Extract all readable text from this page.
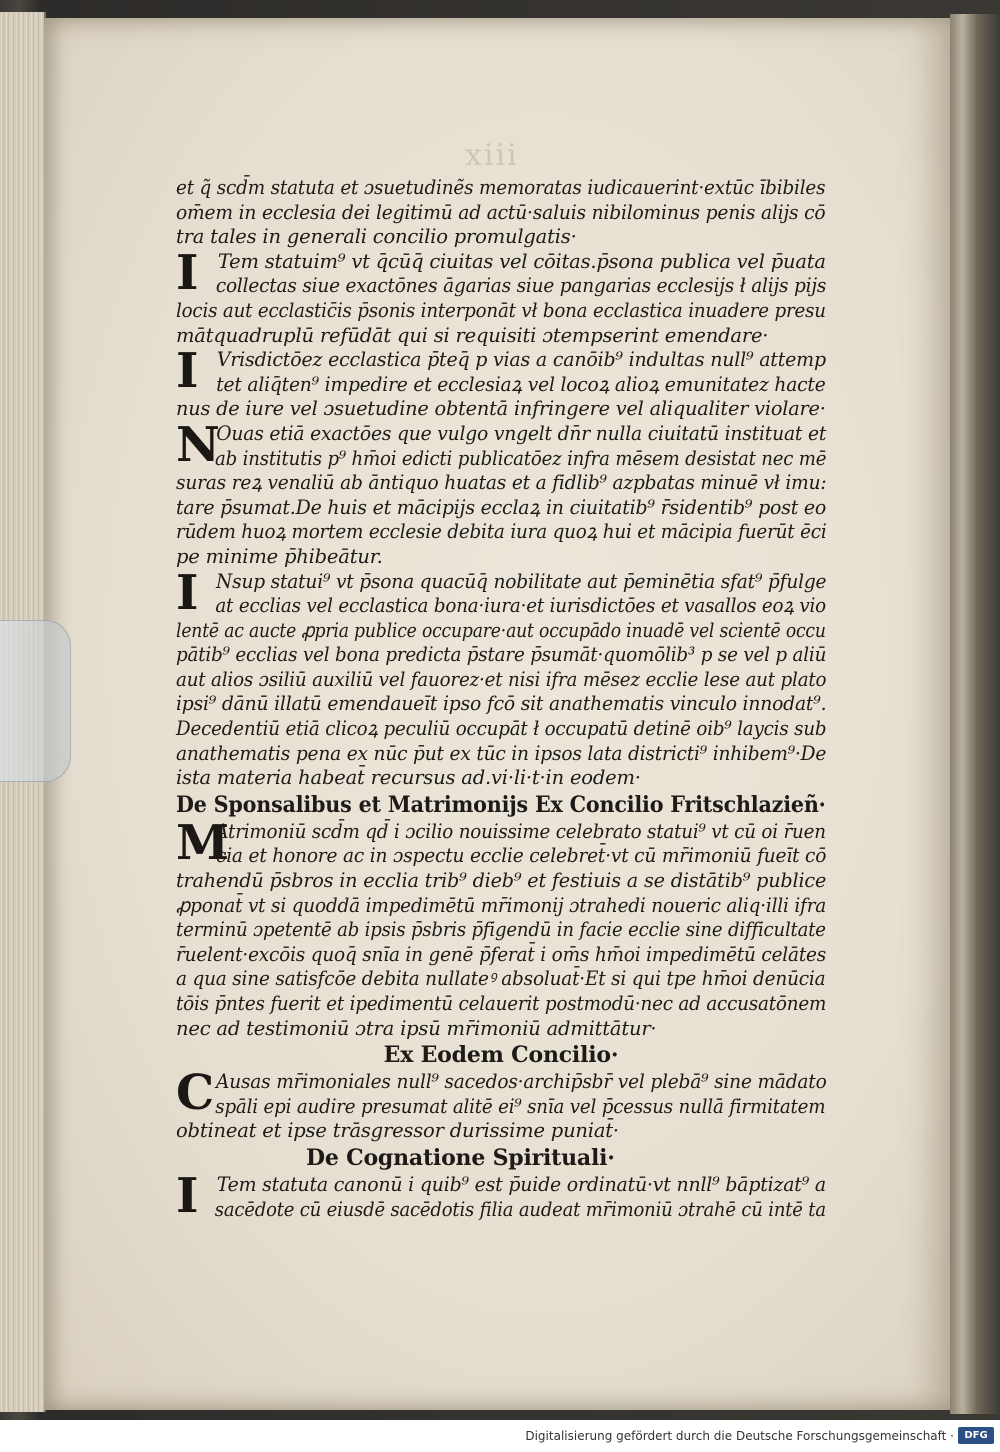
xiii
et q̃ scd̄m statuta et ɔsuetudinẽs memoratas iudicauerint·extūc ībibiles
om̄em in ecclesia dei legitimū ad actū·saluis nibilominus penis alijs cō
tra tales in generali concilio promulgatis·
I	Tem statuim⁹ vt q̄cūq̄ ciuitas vel cōitas.p̄sona publica vel p̄uata
collectas siue exactōnes āgarias siue pangarias ecclesijs ł alijs pijs
locis aut ecclastic̄is p̄sonis interponāt vł bona ecclastica inuadere presu
mātquadruplū refūdāt qui si requisiti ɔtempserint emendare·
I Vrisdictōez ecclastica p̄teq̄ p vias a canōib⁹ indultas null⁹ attemp
tet aliq̄ten⁹ impedire et ecclesiaꝝ vel locoꝝ alioꝝ emunitatez hacte
nus de iure vel ɔsuetudine obtentā infringere vel aliqualiter violare·
N
Ouas etiā exactōes que vulgo vngelt dn̄r nulla ciuitatū instituat et
ab institutis p⁹ hm̄oi edicti publicatōez infra mēsem desistat nec mē
suras reꝝ venaliū ab āntiquo huatas et a fidlib⁹ azpbatas minuē vł imu:
tare p̄sumat.De huis et mācipijs ecclaꝝ in ciuitatib⁹ r̄sidentib⁹ post eo
rūdem huoꝝ mortem ecclesie debita iura quoꝝ hui et mācipia fuerūt ēci
pe minime p̄hibeātur.
I Nsup statui⁹ vt p̄sona quacūq̄ nobilitate aut p̄eminētia sfat⁹ p̄fulge
at ecclias vel ecclastica bona·iura·et iurisdictōes et vasallos eoꝝ vio
lentē ac aucte ꝓpria publice occupare·aut occupādo inuadē vel scientē occu
pātib⁹ ecclias vel bona predicta p̄stare p̄sumāt·quomōlib³ p se vel p aliū
aut alios ɔsiliū auxiliū vel fauorez·et nisi ifra mēsez ecclie lese aut plato
ipsi⁹ dānū illatū emendaueīt ipso fcō sit anathematis vinculo innodat⁹.
Decedentiū etiā clicoꝝ peculiū occupāt ł occupatū detinē oib⁹ laycis sub
anathematis pena ex nūc p̄ut ex tūc in ipsos lata districti⁹ inhibem⁹·De
ista materia habeat̄ recursus ad.vi·li·t·in eodem·
De Sponsalibus et Matrimonijs Ex Concilio Fritschlazieñ·
M
Atrimoniū scd̄m qd̄ i ɔcilio nouissime celebrato statui⁹ vt cū oi r̄uen
cia et honore ac in ɔspectu ecclie celebret̄·vt cū mr̄imoniū fueīt cō
trahendū p̄sbros in ecclia trib⁹ dieb⁹ et festiuis a se distātib⁹ publice
ꝓponat̄ vt si quoddā impedimētū mr̄imonij ɔtrahedi noueric aliq·illi ifra
terminū ɔpetentē ab ipsis p̄sbris p̄figendū in facie ecclie sine difficultate
r̄uelent·excōis quoq̄ snīa in genē p̄ferat̄ i om̄s hm̄oi impedimētū celātes
a qua sine satisfcōe debita nullateꝰ absoluat̄·Et si qui tpe hm̄oi denūcia
tōis p̄ntes fuerit et ipedimentū celauerit postmodū·nec ad accusatōnem
nec ad testimoniū ɔtra ipsū mr̄imoniū admittātur·
Ex Eodem Concilio·
C Ausas mr̄imoniales null⁹ sacedos·archip̄sbr̄ vel plebā⁹ sine mādato
spāli epi audire presumat alitē ei⁹ snīa vel p̄cessus nullā firmitatem
obtineat et ipse trāsgressor durissime puniat̄·
De Cognatione Spirituali·
I Tem statuta canonū i quib⁹ est p̄uide ordinatū·vt nnll⁹ bāptizat⁹ a
sacēdote cū eiusdē sacēdotis filia audeat mr̄imoniū ɔtrahē cū intē ta
Digitalisierung gefördert durch die Deutsche Forschungsgemeinschaft ·	DFG
